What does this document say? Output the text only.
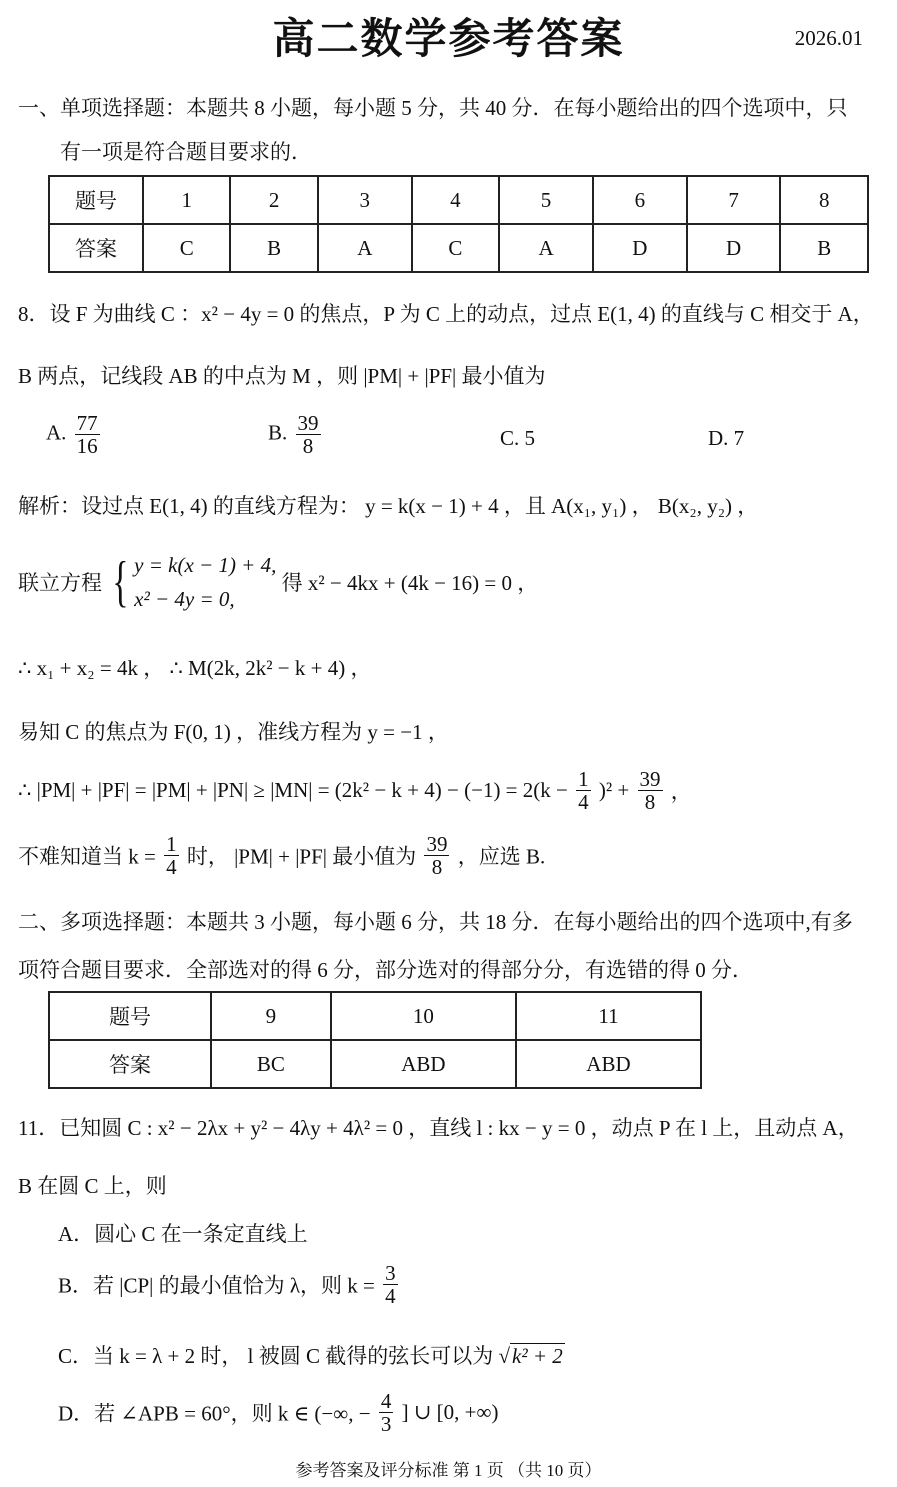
高二数学参考答案	2026.01
一、单项选择题：本题共 8 小题，每小题 5 分，共 40 分．在每小题给出的四个选项中，只
有一项是符合题目要求的．
题号	1	2	3	4	5	6	7	8
答案	C	B	A	C	A	D	D	B
8．设 F 为曲线 C ：x² − 4y = 0 的焦点，P 为 C 上的动点，过点 E(1, 4) 的直线与 C 相交于 A，
B 两点，记线段 AB 的中点为 M ，则 |PM| + |PF| 最小值为
A. $\frac{77}{16}$	B. $\frac{39}{8}$	C. 5	D. 7
解析：设过点 E(1, 4) 的直线方程为： y = k(x − 1) + 4 ，且 A(x₁, y₁) ， B(x₂, y₂) ，
联立方程 { y = k(x − 1) + 4,
x² − 4y = 0,
得 x² − 4kx + (4k − 16) = 0 ，
∴ x₁ + x₂ = 4k ， ∴ M(2k, 2k² − k + 4) ，
易知 C 的焦点为 F(0, 1) ，准线方程为 y = −1 ，
∴ $|PM| + |PF| = |PM| + |PN| \ge |MN| = (2k^2 - k + 4) - (-1) = 2(k - \frac{1}{4} )^2 + \frac{39}{8}$ ，
不难知道当 $k = \frac{1}{4}$ 时， |PM| + |PF| 最小值为 $\frac{39}{8}$ ，应选 B.
二、多项选择题：本题共 3 小题，每小题 6 分，共 18 分．在每小题给出的四个选项中,有多
项符合题目要求．全部选对的得 6 分，部分选对的得部分分，有选错的得 0 分．
题号	9	10	11
答案	BC	ABD	ABD
11．已知圆 C : x² − 2λx + y² − 4λy + 4λ² = 0 ，直线 l : kx − y = 0 ，动点 P 在 l 上，且动点 A，
B 在圆 C 上，则
A．圆心 C 在一条定直线上
B．若 |CP| 的最小值恰为 λ，则 $k = \frac{3}{4}$
C．当 k = λ + 2 时， l 被圆 C 截得的弦长可以为 √k² + 2
D．若 ∠APB = 60°，则 k ∈ (−∞, − $\frac{4}{3}$ ] ∪ [0, +∞)
参考答案及评分标准 第 1 页 （共 10 页）
